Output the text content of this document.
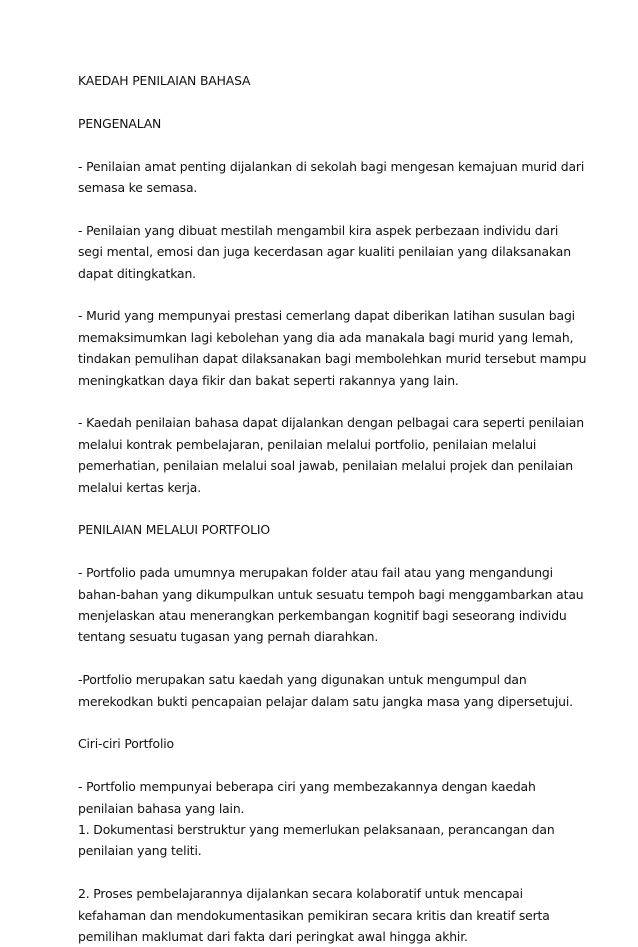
KAEDAH PENILAIAN BAHASA
PENGENALAN
- Penilaian amat penting dijalankan di sekolah bagi mengesan kemajuan murid dari
semasa ke semasa.
- Penilaian yang dibuat mestilah mengambil kira aspek perbezaan individu dari
segi mental, emosi dan juga kecerdasan agar kualiti penilaian yang dilaksanakan
dapat ditingkatkan.
- Murid yang mempunyai prestasi cemerlang dapat diberikan latihan susulan bagi
memaksimumkan lagi kebolehan yang dia ada manakala bagi murid yang lemah,
tindakan pemulihan dapat dilaksanakan bagi membolehkan murid tersebut mampu
meningkatkan daya fikir dan bakat seperti rakannya yang lain.
- Kaedah penilaian bahasa dapat dijalankan dengan pelbagai cara seperti penilaian
melalui kontrak pembelajaran, penilaian melalui portfolio, penilaian melalui
pemerhatian, penilaian melalui soal jawab, penilaian melalui projek dan penilaian
melalui kertas kerja.
PENILAIAN MELALUI PORTFOLIO
- Portfolio pada umumnya merupakan folder atau fail atau yang mengandungi
bahan-bahan yang dikumpulkan untuk sesuatu tempoh bagi menggambarkan atau
menjelaskan atau menerangkan perkembangan kognitif bagi seseorang individu
tentang sesuatu tugasan yang pernah diarahkan.
-Portfolio merupakan satu kaedah yang digunakan untuk mengumpul dan
merekodkan bukti pencapaian pelajar dalam satu jangka masa yang dipersetujui.
Ciri-ciri Portfolio
- Portfolio mempunyai beberapa ciri yang membezakannya dengan kaedah
penilaian bahasa yang lain.
1. Dokumentasi berstruktur yang memerlukan pelaksanaan, perancangan dan
penilaian yang teliti.
2. Proses pembelajarannya dijalankan secara kolaboratif untuk mencapai
kefahaman dan mendokumentasikan pemikiran secara kritis dan kreatif serta
pemilihan maklumat dari fakta dari peringkat awal hingga akhir.
